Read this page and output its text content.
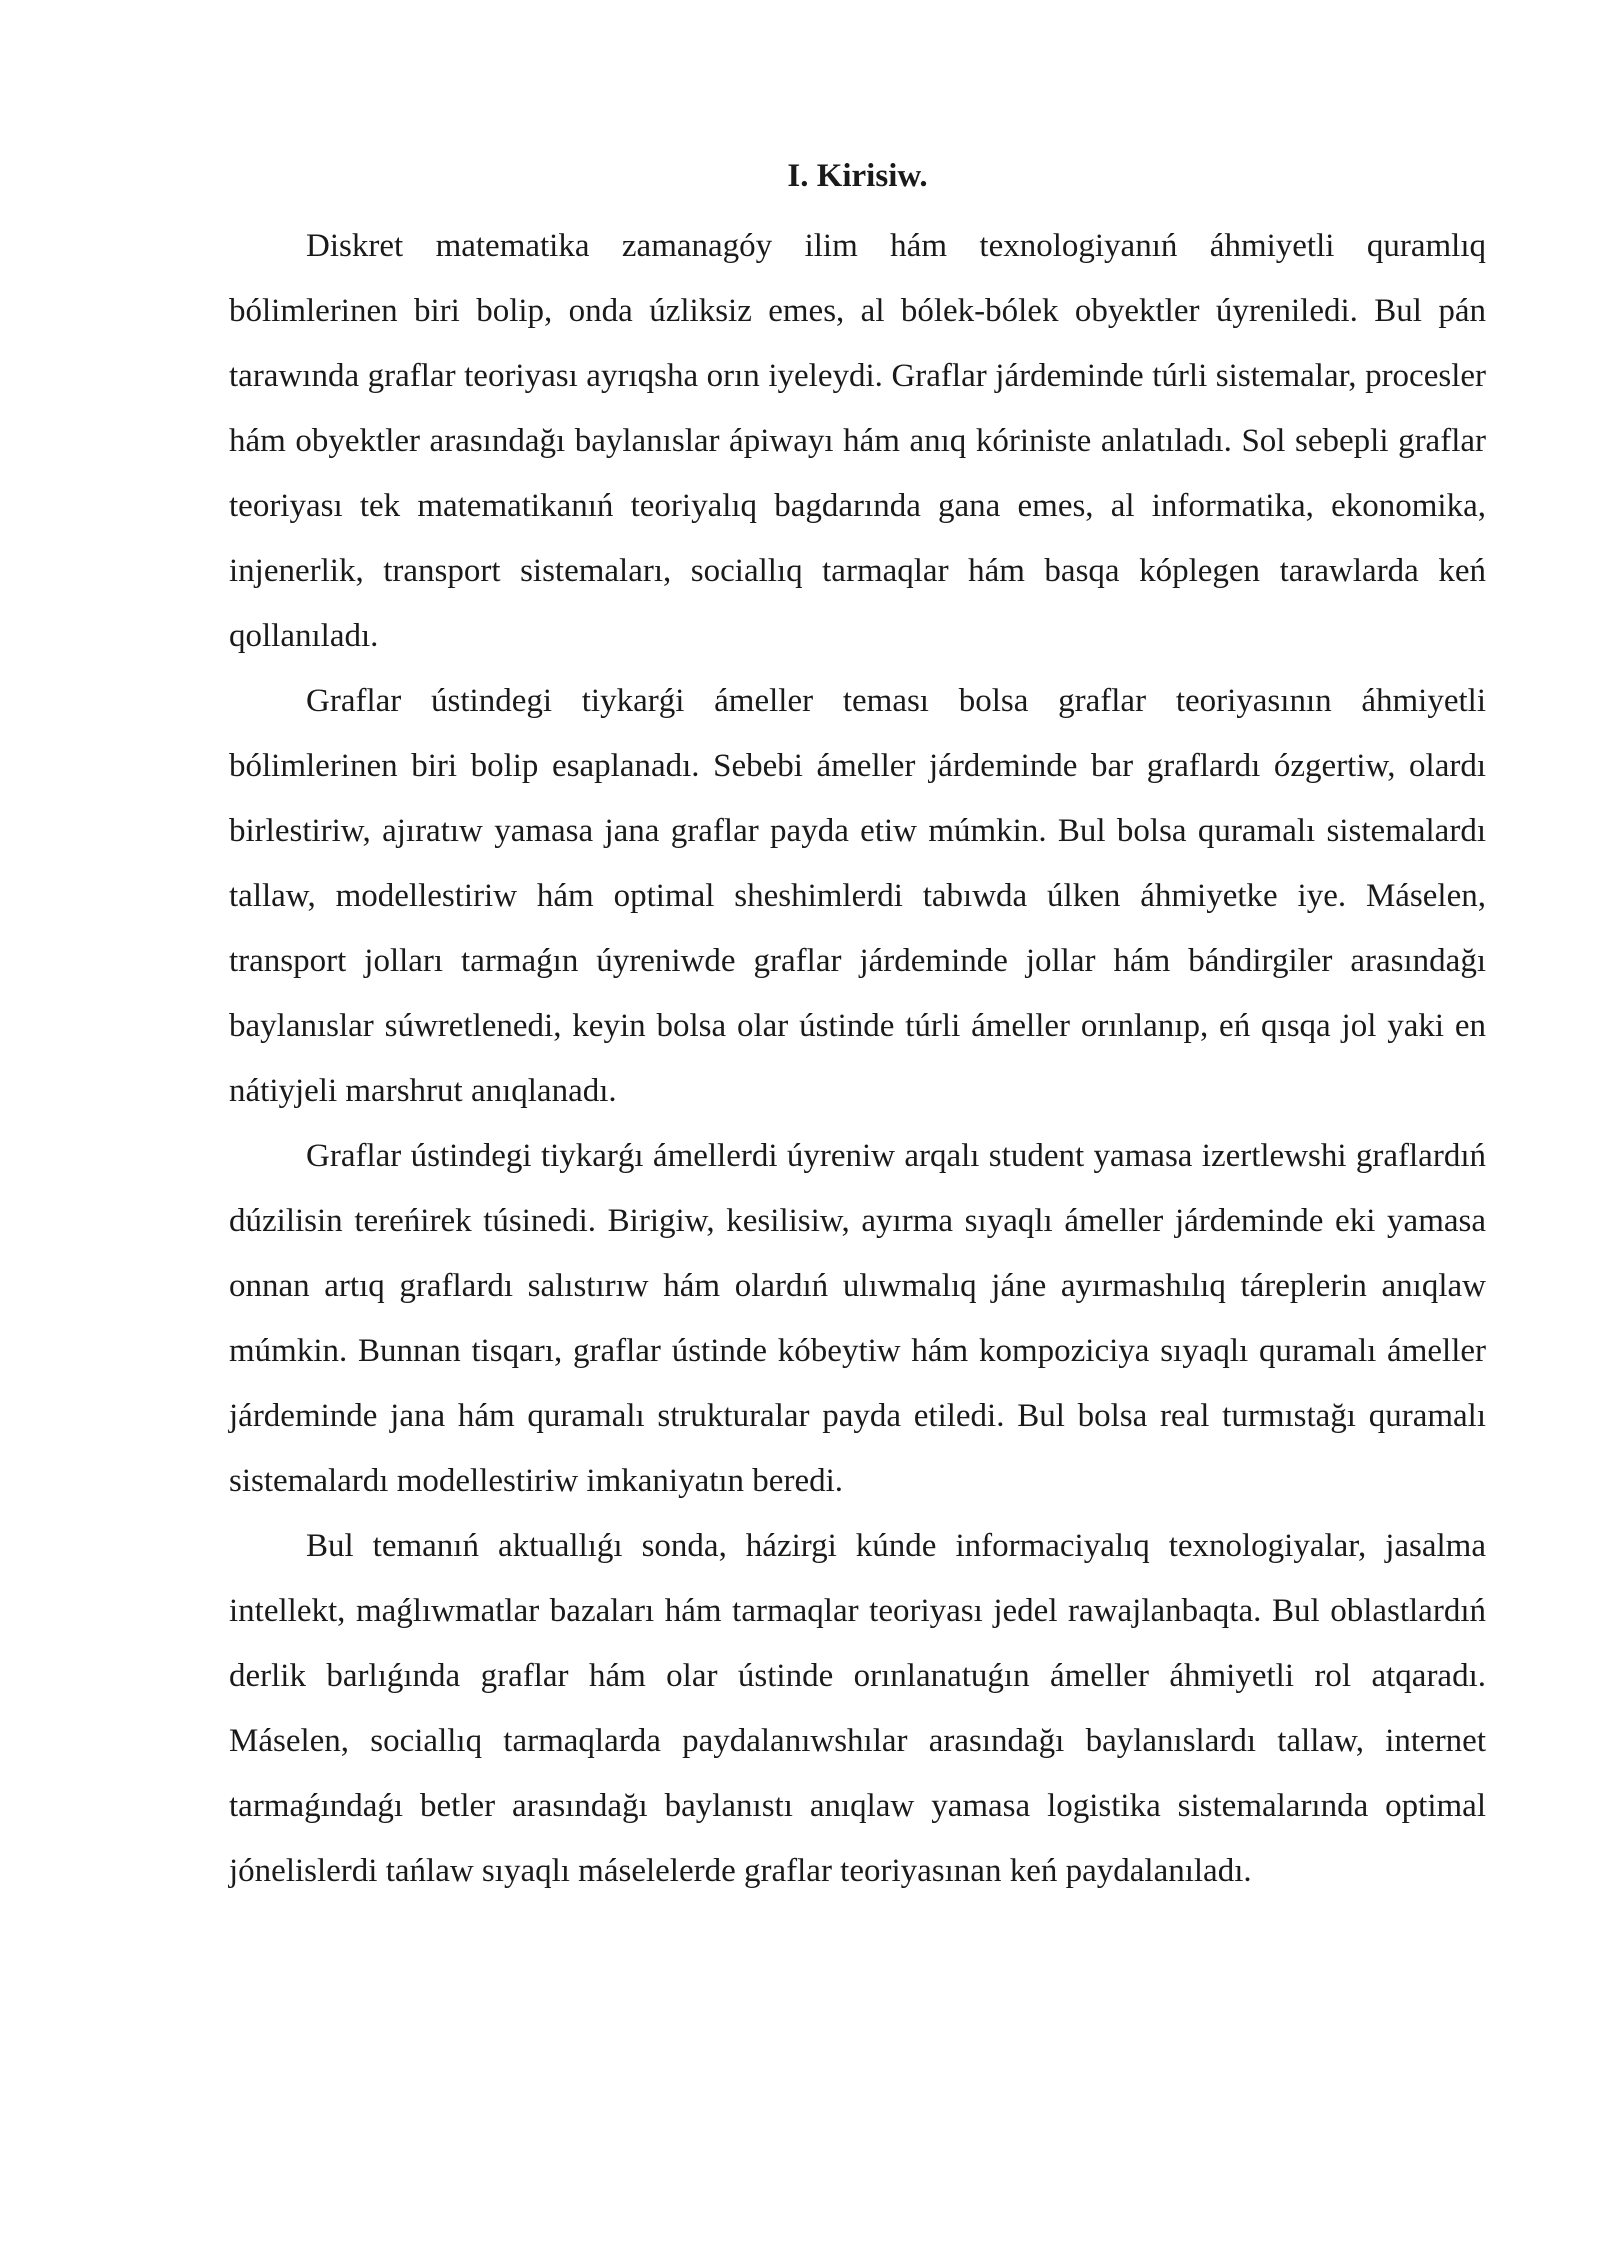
I. Kirisiw.

Diskret matematika zamanagóy ilim hám texnologiyanıń áhmiyetli quramlıq bólimlerinen biri bolip, onda úzliksiz emes, al bólek-bólek obyektler úyreniledi. Bul pán tarawında graflar teoriyası ayrıqsha orın iyeleydi. Graflar járdeminde túrli sistemalar, procesler hám obyektler arasındağı baylanıslar ápiwayı hám anıq kóriniste anlatıladı. Sol sebepli graflar teoriyası tek matematikanıń teoriyalıq bagdarında gana emes, al informatika, ekonomika, injenerlik, transport sistemaları, sociallıq tarmaqlar hám basqa kóplegen tarawlarda keń qollanıladı.

Graflar ústindegi tiykarǵi ámeller teması bolsa graflar teoriyasının áhmiyetli bólimlerinen biri bolip esaplanadı. Sebebi ámeller járdeminde bar graflardı ózgertiw, olardı birlestiriw, ajıratıw yamasa jana graflar payda etiw múmkin. Bul bolsa quramalı sistemalardı tallaw, modellestiriw hám optimal sheshimlerdi tabıwda úlken áhmiyetke iye. Máselen, transport jolları tarmaǵın úyreniwde graflar járdeminde jollar hám bándirgiler arasındağı baylanıslar súwretlenedi, keyin bolsa olar ústinde túrli ámeller orınlanıp, eń qısqa jol yaki en nátiyjeli marshrut anıqlanadı.

Graflar ústindegi tiykarǵı ámellerdi úyreniw arqalı student yamasa izertlewshi graflardıń dúzilisin tereńirek túsinedi. Birigiw, kesilisiw, ayırma sıyaqlı ámeller járdeminde eki yamasa onnan artıq graflardı salıstırıw hám olardıń ulıwmalıq jáne ayırmashılıq táreplerin anıqlaw múmkin. Bunnan tisqarı, graflar ústinde kóbeytiw hám kompoziciya sıyaqlı quramalı ámeller járdeminde jana hám quramalı strukturalar payda etiledi. Bul bolsa real turmıstağı quramalı sistemalardı modellestiriw imkaniyatın beredi.

Bul temanıń aktuallıǵı sonda, házirgi kúnde informaciyalıq texnologiyalar, jasalma intellekt, maǵlıwmatlar bazaları hám tarmaqlar teoriyası jedel rawajlanbaqta. Bul oblastlardıń derlik barlıǵında graflar hám olar ústinde orınlanatuǵın ámeller áhmiyetli rol atqaradı. Máselen, sociallıq tarmaqlarda paydalanıwshılar arasındağı baylanıslardı tallaw, internet tarmaǵındaǵı betler arasındağı baylanıstı anıqlaw yamasa logistika sistemalarında optimal jónelislerdi tańlaw sıyaqlı máselelerde graflar teoriyasınan keń paydalanıladı.
